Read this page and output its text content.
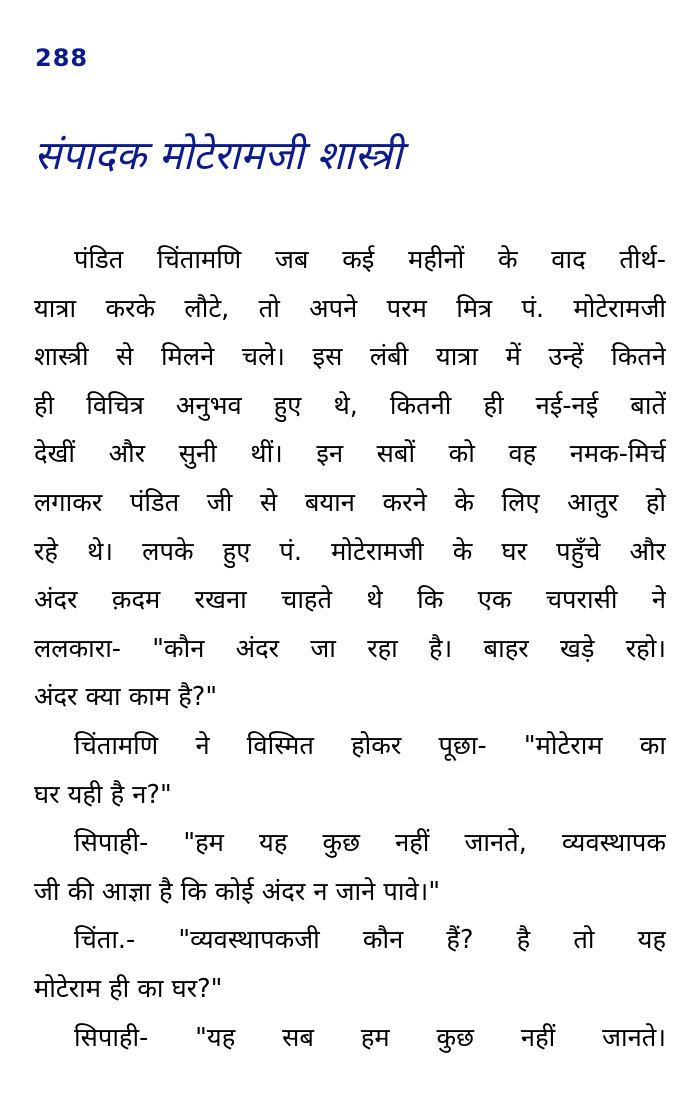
288
संपादक मोटेरामजी शास्त्री
पंडित चिंतामणि जब कई महीनों के वाद तीर्थ-
यात्रा करके लौटे, तो अपने परम मित्र पं. मोटेरामजी
शास्त्री से मिलने चले। इस लंबी यात्रा में उन्हें कितने
ही विचित्र अनुभव हुए थे, कितनी ही नई-नई बातें
देखीं और सुनी थीं। इन सबों को वह नमक-मिर्च
लगाकर पंडित जी से बयान करने के लिए आतुर हो
रहे थे। लपके हुए पं. मोटेरामजी के घर पहुँचे और
अंदर क़दम रखना चाहते थे कि एक चपरासी ने
ललकारा- "कौन अंदर जा रहा है। बाहर खड़े रहो।
अंदर क्या काम है?"
चिंतामणि ने विस्मित होकर पूछा- "मोटेराम का
घर यही है न?"
सिपाही- "हम यह कुछ नहीं जानते, व्यवस्थापक
जी की आज्ञा है कि कोई अंदर न जाने पावे।"
चिंता.- "व्यवस्थापकजी कौन हैं? है तो यह
मोटेराम ही का घर?"
सिपाही- "यह सब हम कुछ नहीं जानते।
